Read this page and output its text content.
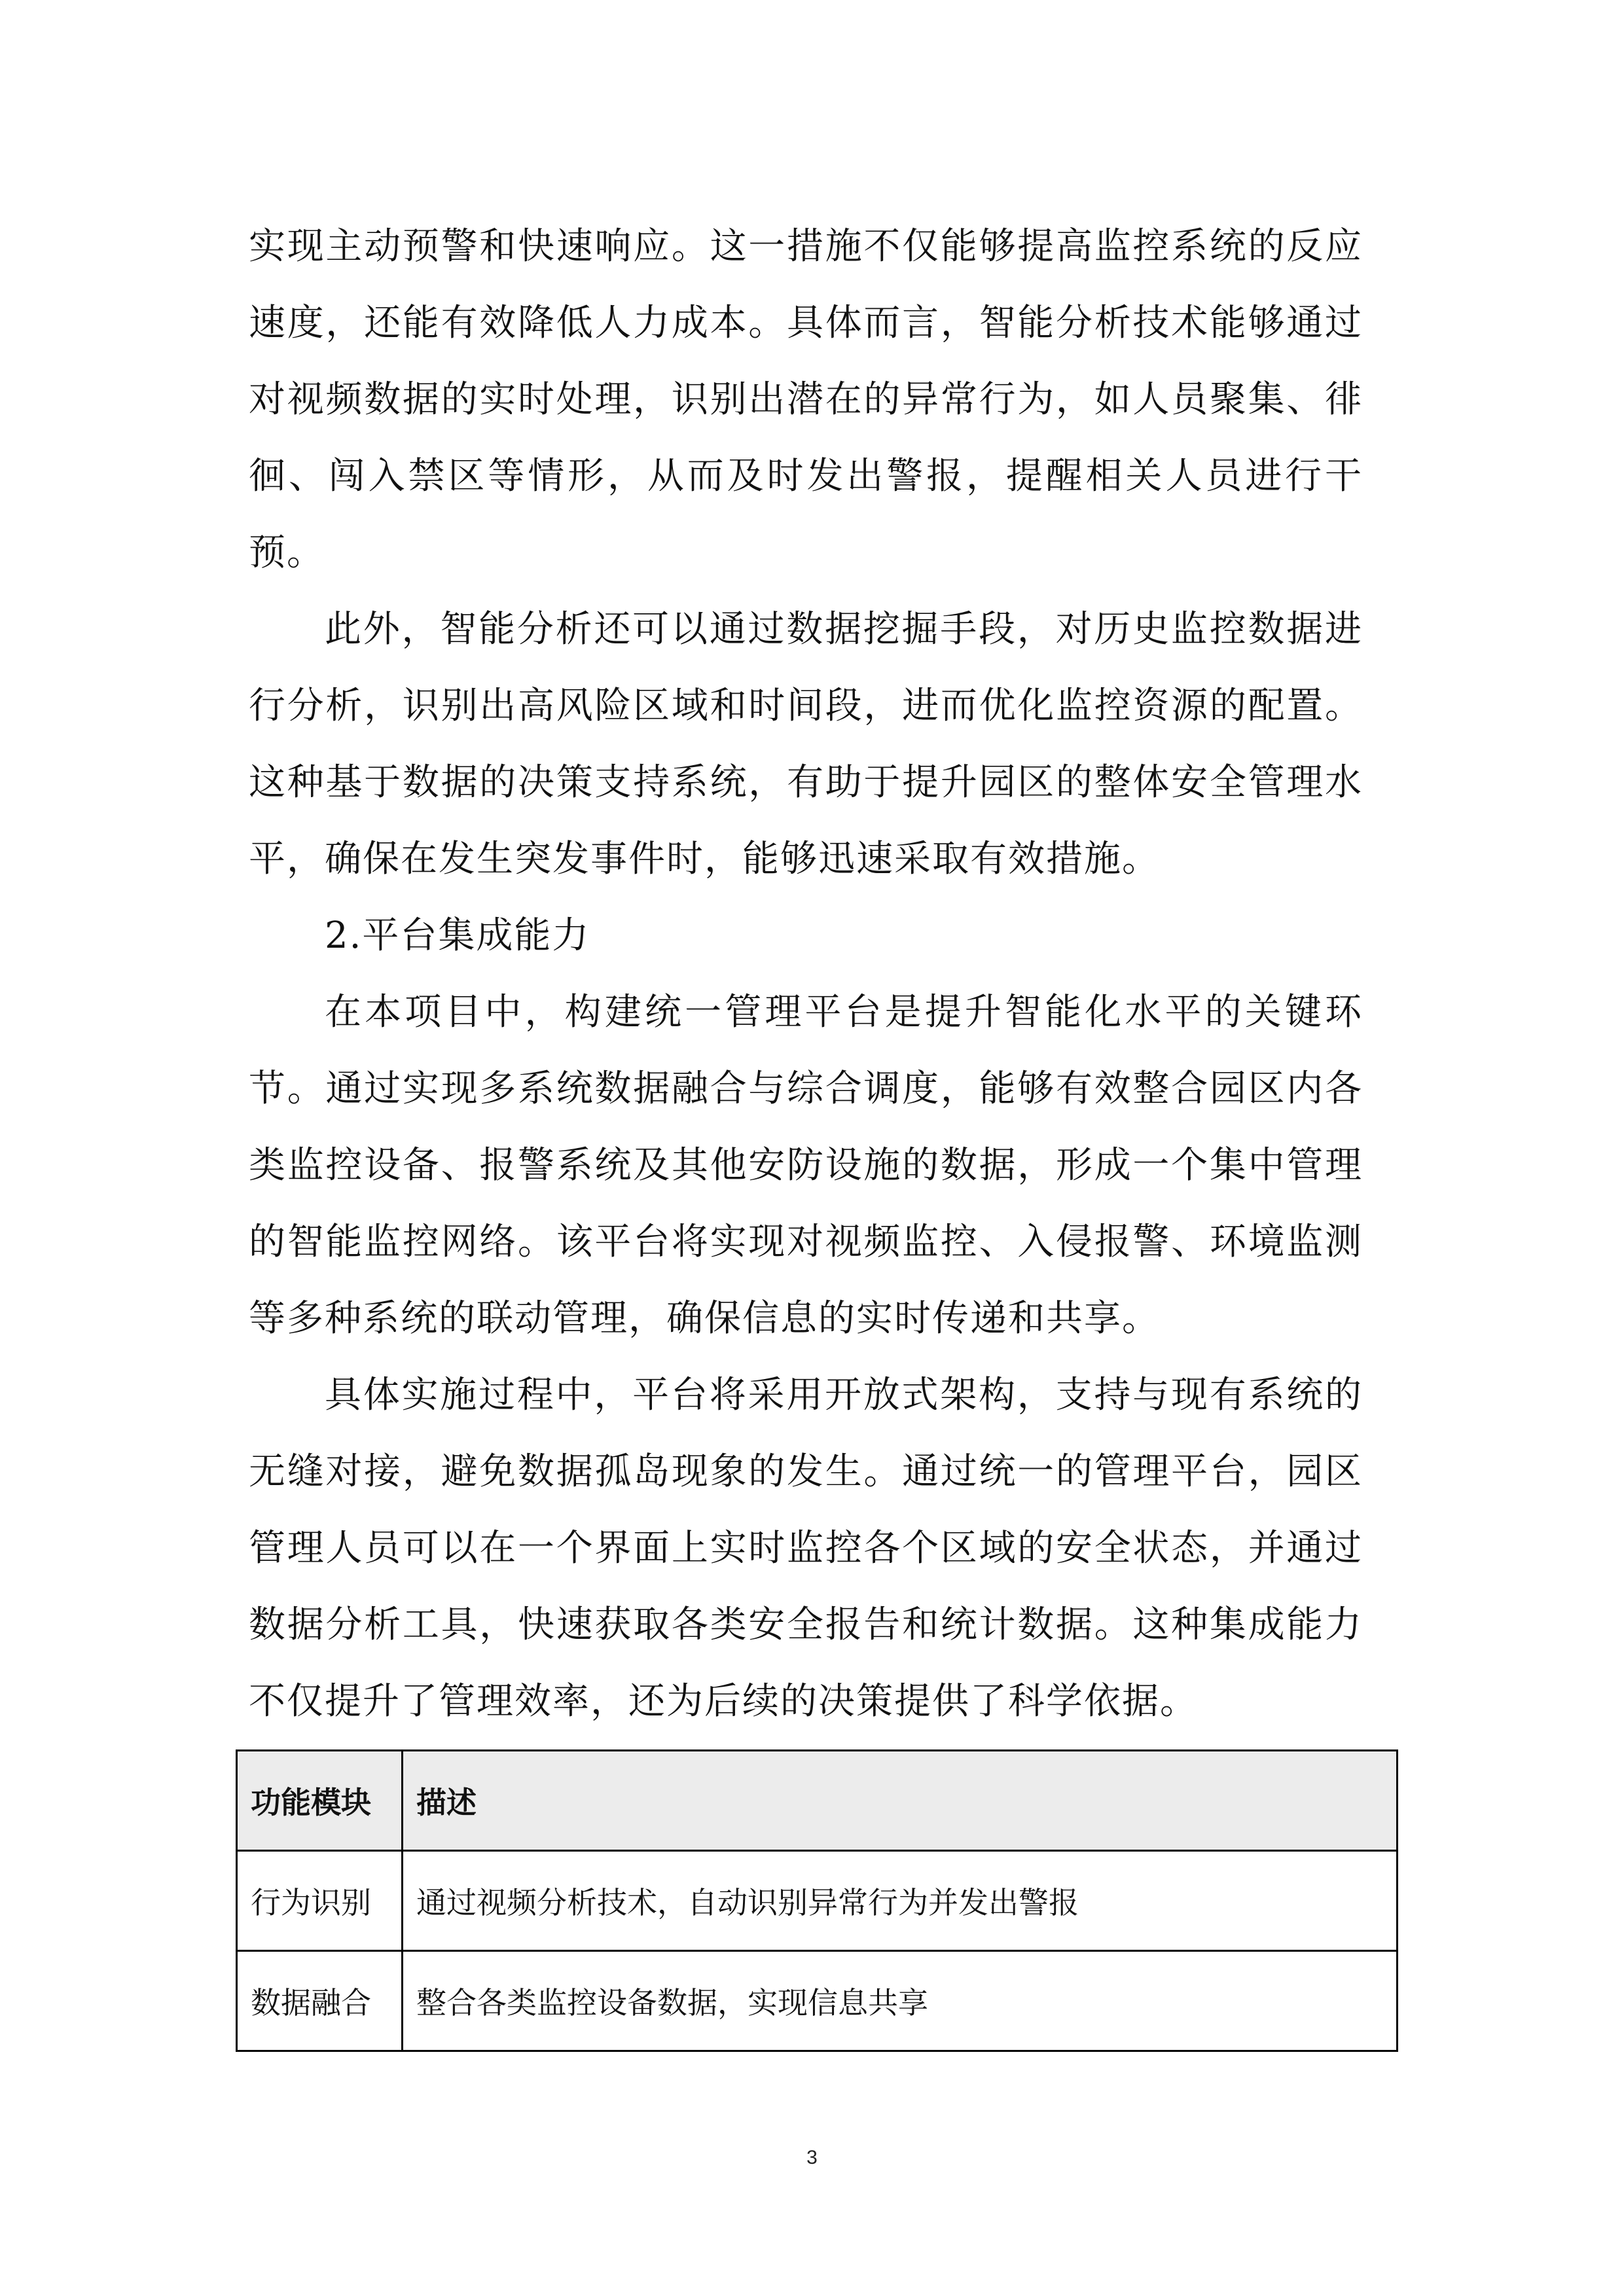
实现主动预警和快速响应。这一措施不仅能够提高监控系统的反应速度，还能有效降低人力成本。具体而言，智能分析技术能够通过对视频数据的实时处理，识别出潜在的异常行为，如人员聚集、徘徊、闯入禁区等情形，从而及时发出警报，提醒相关人员进行干预。

此外，智能分析还可以通过数据挖掘手段，对历史监控数据进行分析，识别出高风险区域和时间段，进而优化监控资源的配置。这种基于数据的决策支持系统，有助于提升园区的整体安全管理水平，确保在发生突发事件时，能够迅速采取有效措施。

2.平台集成能力

在本项目中，构建统一管理平台是提升智能化水平的关键环节。通过实现多系统数据融合与综合调度，能够有效整合园区内各类监控设备、报警系统及其他安防设施的数据，形成一个集中管理的智能监控网络。该平台将实现对视频监控、入侵报警、环境监测等多种系统的联动管理，确保信息的实时传递和共享。

具体实施过程中，平台将采用开放式架构，支持与现有系统的无缝对接，避免数据孤岛现象的发生。通过统一的管理平台，园区管理人员可以在一个界面上实时监控各个区域的安全状态，并通过数据分析工具，快速获取各类安全报告和统计数据。这种集成能力不仅提升了管理效率，还为后续的决策提供了科学依据。

功能模块	描述
行为识别	通过视频分析技术，自动识别异常行为并发出警报
数据融合	整合各类监控设备数据，实现信息共享
3
